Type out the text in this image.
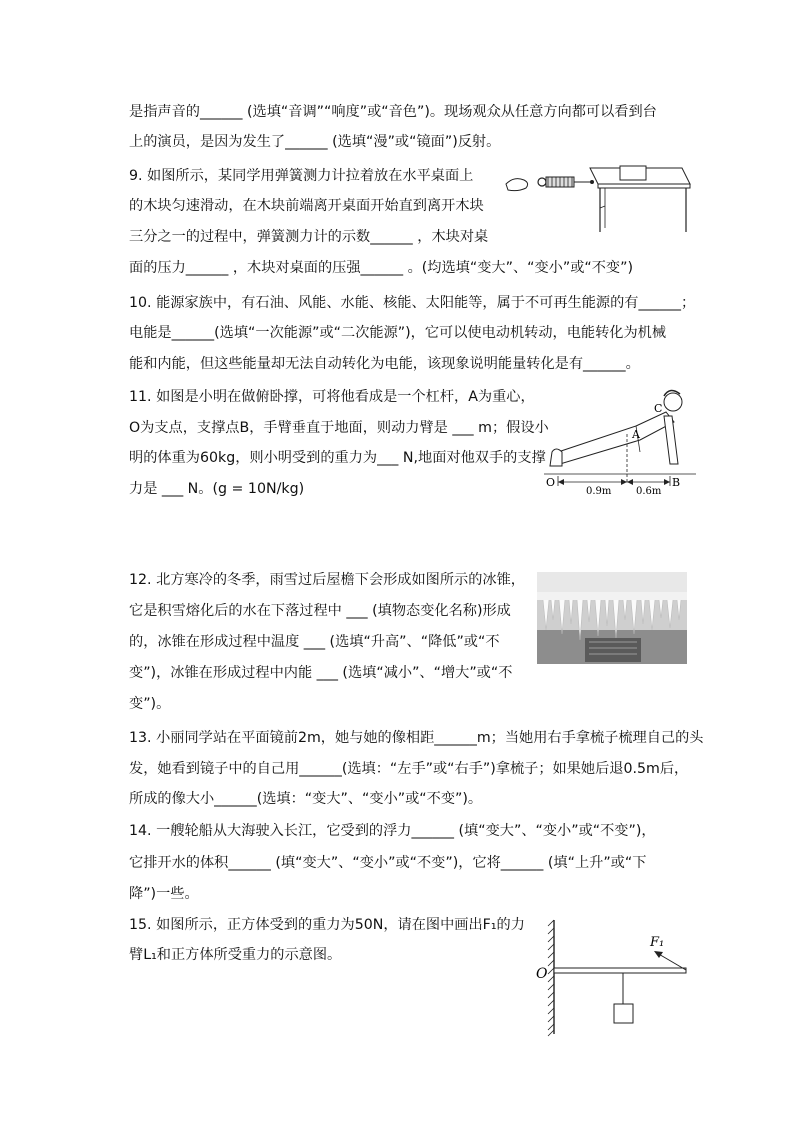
是指声音的______ (选填“音调”“响度”或“音色”)。现场观众从任意方向都可以看到台
上的演员，是因为发生了______ (选填“漫”或“镜面”)反射。
9. 如图所示，某同学用弹簧测力计拉着放在水平桌面上
的木块匀速滑动，在木块前端离开桌面开始直到离开木块
三分之一的过程中，弹簧测力计的示数______ ，木块对桌
面的压力______ ，木块对桌面的压强______ 。(均选填“变大”、“变小”或“不变”)
10. 能源家族中，有石油、风能、水能、核能、太阳能等，属于不可再生能源的有______；
电能是______(选填“一次能源”或“二次能源”)，它可以使电动机转动，电能转化为机械
能和内能，但这些能量却无法自动转化为电能，该现象说明能量转化是有______。
11. 如图是小明在做俯卧撑，可将他看成是一个杠杆，A为重心，
O为支点，支撑点B，手臂垂直于地面，则动力臂是 ___ m；假设小
明的体重为60kg，则小明受到的重力为___ N,地面对他双手的支撑
力是 ___ N。(g = 10N/kg)
C
A
O	B
0.9m 0.6m
12. 北方寒冷的冬季，雨雪过后屋檐下会形成如图所示的冰锥，
它是积雪熔化后的水在下落过程中 ___ (填物态变化名称)形成
的，冰锥在形成过程中温度 ___ (选填“升高”、“降低”或“不
变”)，冰锥在形成过程中内能 ___ (选填“减小”、“增大”或“不
变”)。
13. 小丽同学站在平面镜前2m，她与她的像相距______m；当她用右手拿梳子梳理自己的头
发，她看到镜子中的自己用______(选填：“左手”或“右手”)拿梳子；如果她后退0.5m后，
所成的像大小______(选填：“变大”、“变小”或“不变”)。
14. 一艘轮船从大海驶入长江，它受到的浮力______ (填“变大”、“变小”或“不变”)，
它排开水的体积______ (填“变大”、“变小”或“不变”)，它将______ (填“上升”或“下
降”)一些。
15. 如图所示，正方体受到的重力为50N，请在图中画出F₁的力
臂L₁和正方体所受重力的示意图。
O
F₁
